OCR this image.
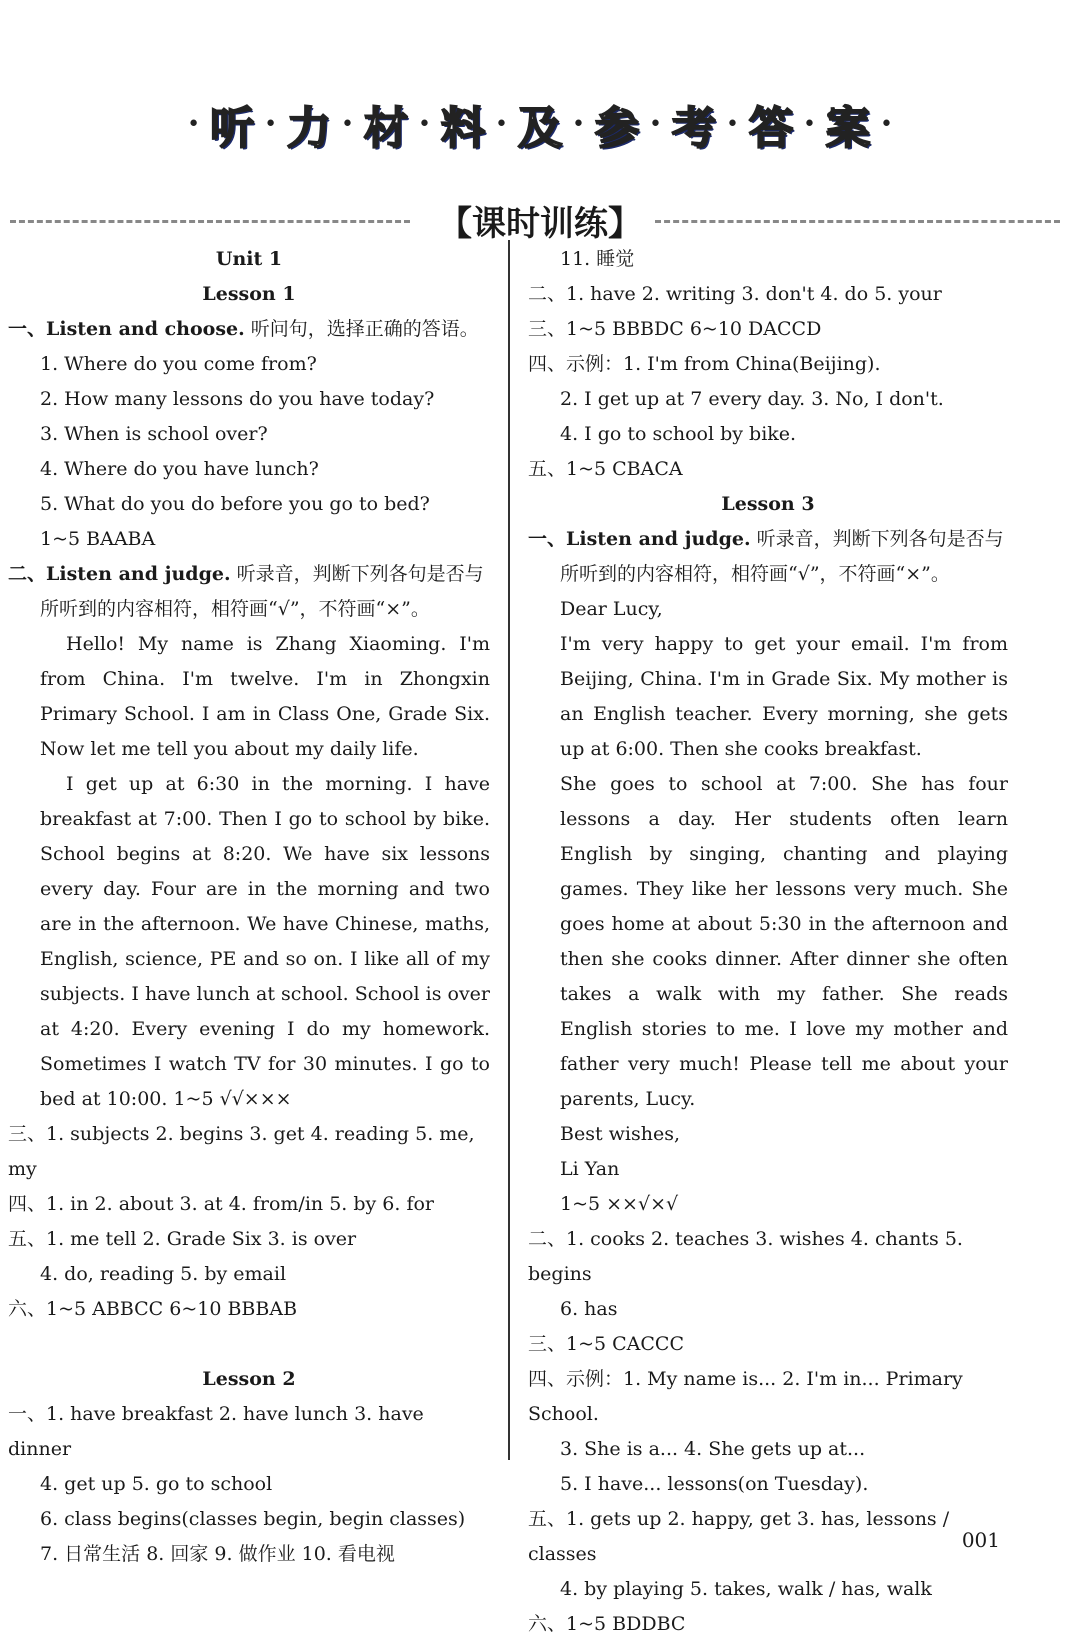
• 听 • 力 • 材 • 料 • 及 • 参 • 考 • 答 • 案 •
【课时训练】
Unit 1
Lesson 1
一、Listen and choose. 听问句，选择正确的答语。
1. Where do you come from?
2. How many lessons do you have today?
3. When is school over?
4. Where do you have lunch?
5. What do you do before you go to bed?
1~5 BAABA
二、Listen and judge. 听录音，判断下列各句是否与所听到的内容相符，相符画“√”，不符画“×”。
Hello! My name is Zhang Xiaoming. I'm from China. I'm twelve. I'm in Zhongxin Primary School. I am in Class One, Grade Six. Now let me tell you about my daily life.
I get up at 6:30 in the morning. I have breakfast at 7:00. Then I go to school by bike. School begins at 8:20. We have six lessons every day. Four are in the morning and two are in the afternoon. We have Chinese, maths, English, science, PE and so on. I like all of my subjects. I have lunch at school. School is over at 4:20. Every evening I do my homework. Sometimes I watch TV for 30 minutes. I go to bed at 10:00. 1~5 √√×××
三、1. subjects 2. begins 3. get 4. reading 5. me, my
四、1. in 2. about 3. at 4. from/in 5. by 6. for
五、1. me tell 2. Grade Six 3. is over
4. do, reading 5. by email
六、1~5 ABBCC 6~10 BBBAB
Lesson 2
一、1. have breakfast 2. have lunch 3. have dinner
4. get up 5. go to school
6. class begins(classes begin, begin classes)
7. 日常生活 8. 回家 9. 做作业 10. 看电视
11. 睡觉
二、1. have 2. writing 3. don't 4. do 5. your
三、1~5 BBBDC 6~10 DACCD
四、示例：1. I'm from China(Beijing).
2. I get up at 7 every day. 3. No, I don't.
4. I go to school by bike.
五、1~5 CBACA
Lesson 3
一、Listen and judge. 听录音，判断下列各句是否与所听到的内容相符，相符画“√”，不符画“×”。
Dear Lucy,
I'm very happy to get your email. I'm from Beijing, China. I'm in Grade Six. My mother is an English teacher. Every morning, she gets up at 6:00. Then she cooks breakfast.
She goes to school at 7:00. She has four lessons a day. Her students often learn English by singing, chanting and playing games. They like her lessons very much. She goes home at about 5:30 in the afternoon and then she cooks dinner. After dinner she often takes a walk with my father. She reads English stories to me. I love my mother and father very much! Please tell me about your parents, Lucy.
Best wishes,
Li Yan
1~5 ××√×√
二、1. cooks 2. teaches 3. wishes 4. chants 5. begins
6. has
三、1~5 CACCC
四、示例：1. My name is... 2. I'm in... Primary School.
3. She is a... 4. She gets up at...
5. I have... lessons(on Tuesday).
五、1. gets up 2. happy, get 3. has, lessons / classes
4. by playing 5. takes, walk / has, walk
六、1~5 BDDBC
001
